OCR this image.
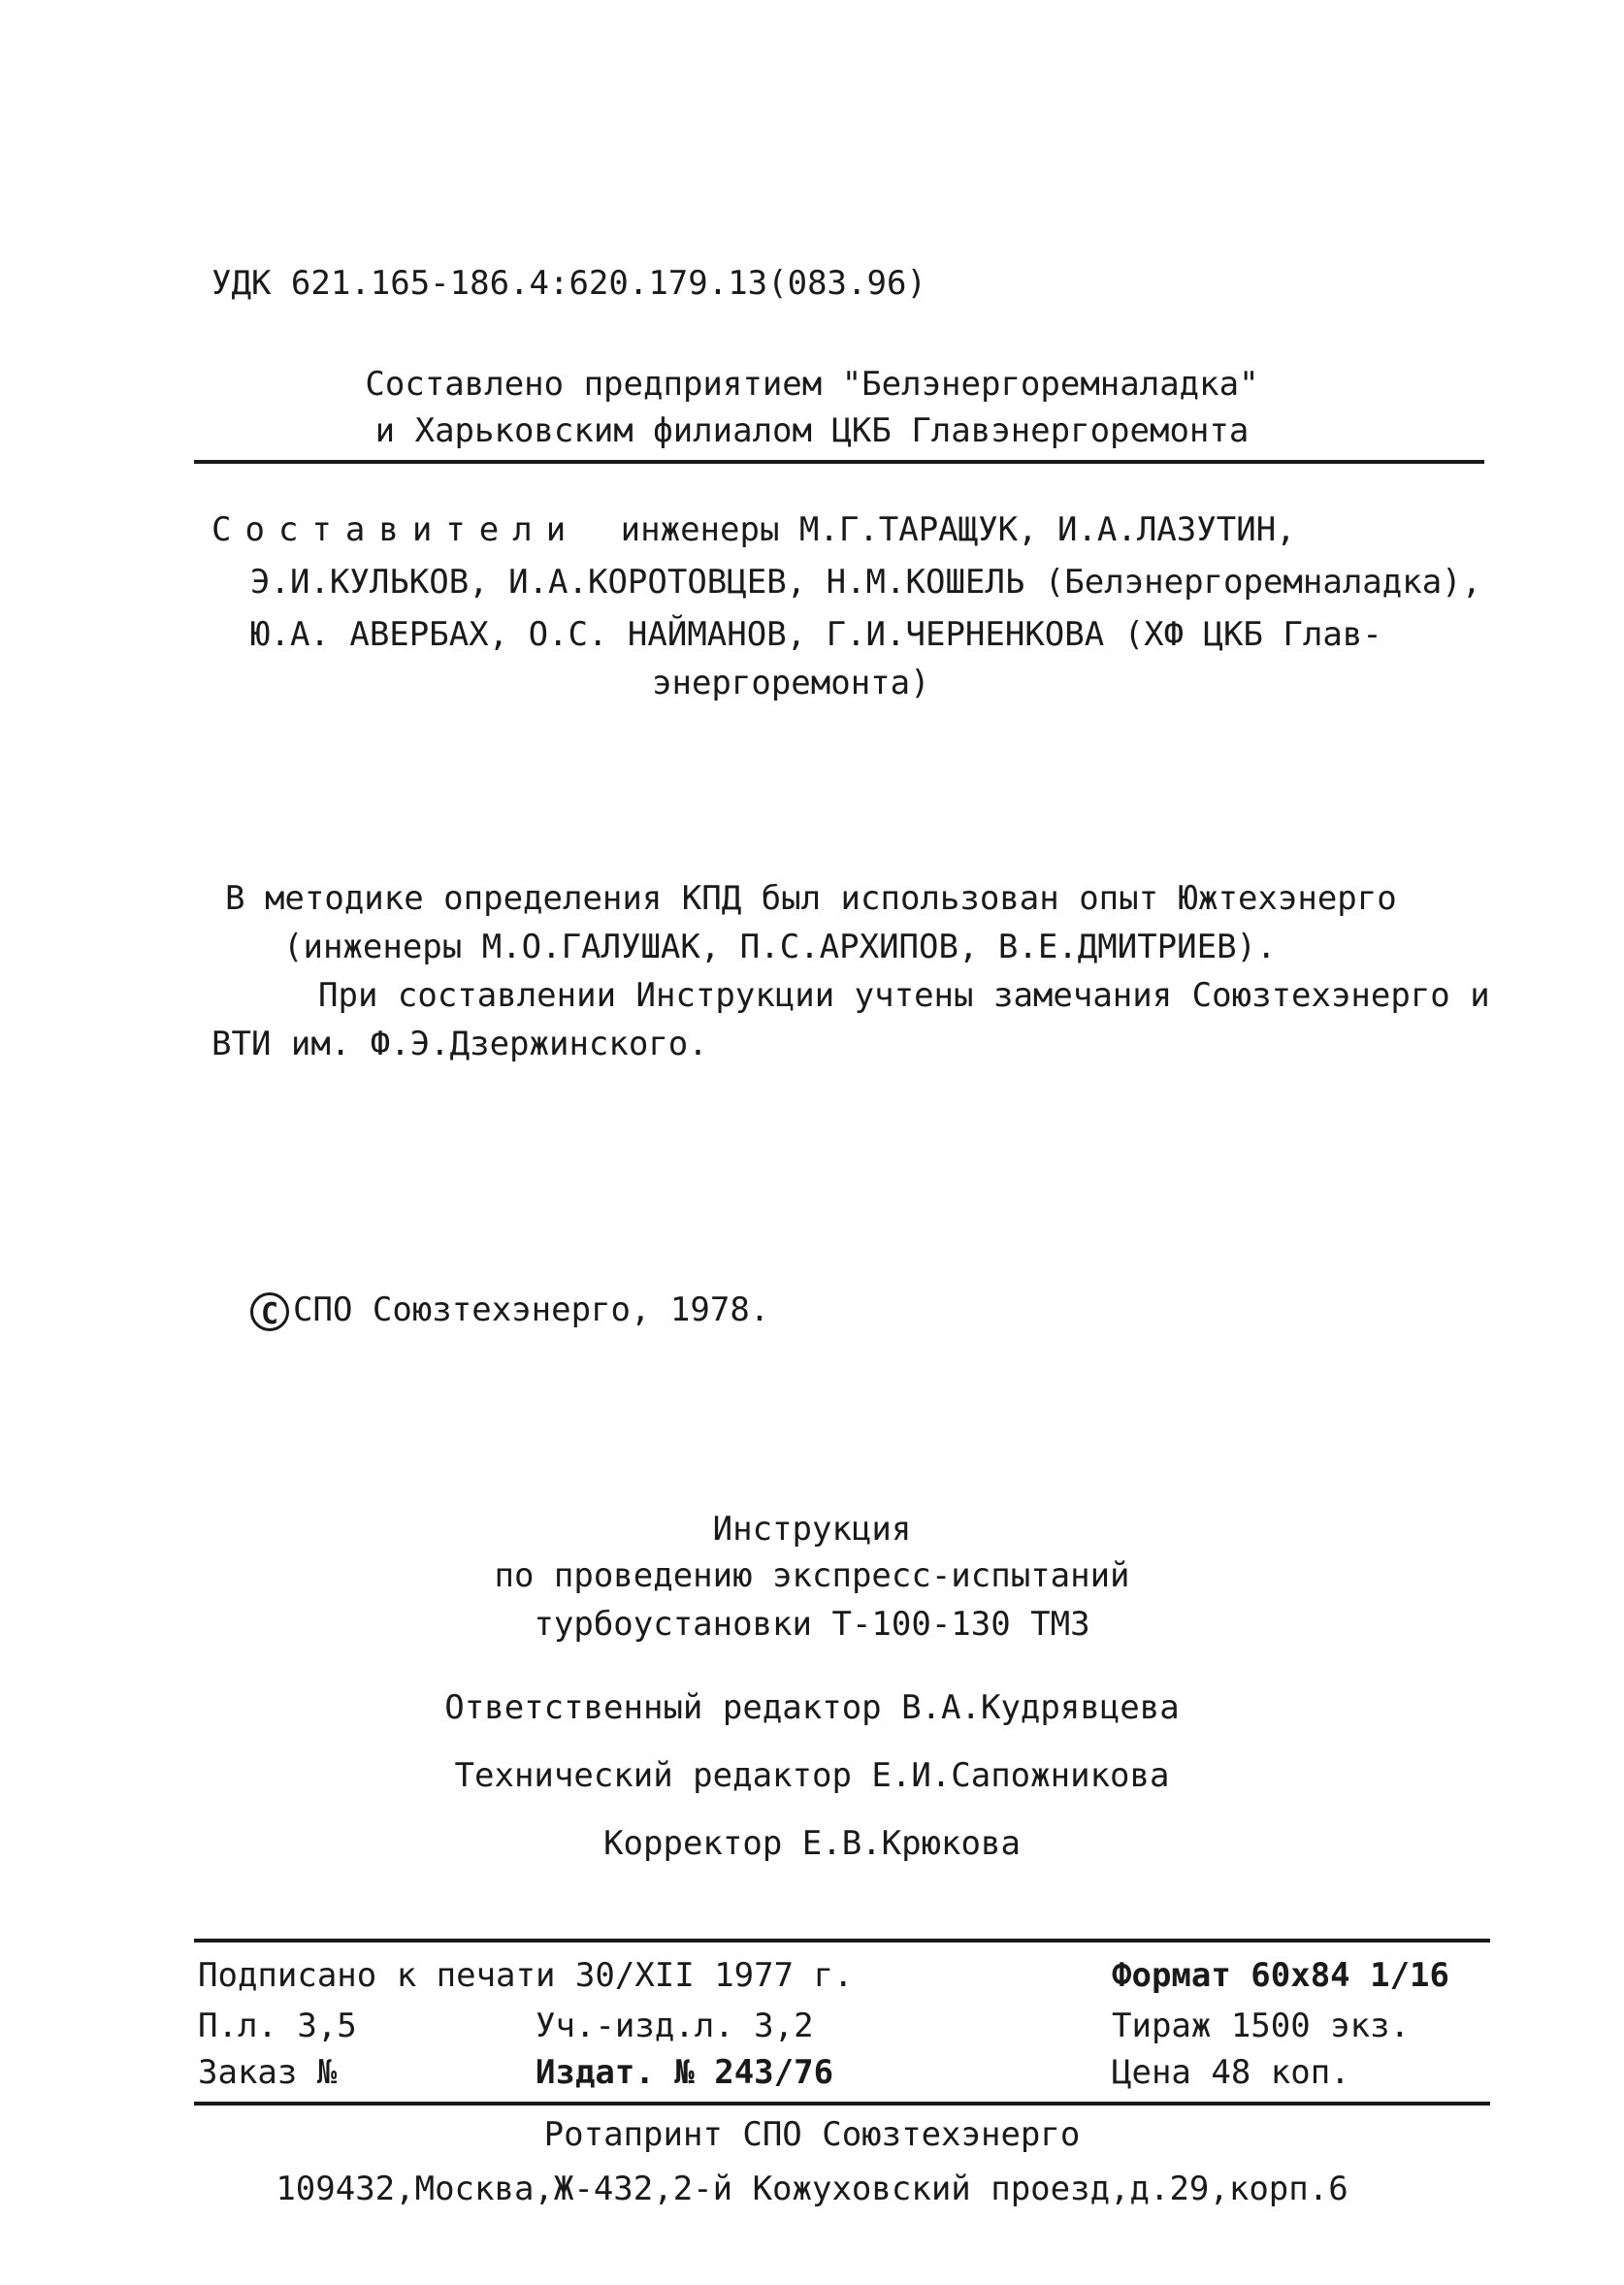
УДК 621.165-186.4:620.179.13(083.96)
Составлено предприятием "Белэнергоремналадка"
и Харьковским филиалом ЦКБ Главэнергоремонта
Составители инженеры М.Г.ТАРАЩУК, И.А.ЛАЗУТИН,
Э.И.КУЛЬКОВ, И.А.КОРОТОВЦЕВ, Н.М.КОШЕЛЬ (Белэнергоремналадка),
Ю.А. АВЕРБАХ, О.С. НАЙМАНОВ, Г.И.ЧЕРНЕНКОВА (ХФ ЦКБ Глав-
энергоремонта)
В методике определения КПД был использован опыт Южтехэнерго
(инженеры М.О.ГАЛУШАК, П.С.АРХИПОВ, В.Е.ДМИТРИЕВ).
При составлении Инструкции учтены замечания Союзтехэнерго и
ВТИ им. Ф.Э.Дзержинского.
С СПО Союзтехэнерго, 1978.
Инструкция
по проведению экспресс-испытаний
турбоустановки Т-100-130 ТМЗ
Ответственный редактор В.А.Кудрявцева
Технический редактор Е.И.Сапожникова
Корректор Е.В.Крюкова
Подписано к печати 30/XII 1977 г.	Формат 60х84 1/16
П.л. 3,5	Уч.-изд.л. 3,2	Тираж 1500 экз.
Заказ №	Издат. № 243/76	Цена 48 коп.
Ротапринт СПО Союзтехэнерго
109432,Москва,Ж-432,2-й Кожуховский проезд,д.29,корп.6
